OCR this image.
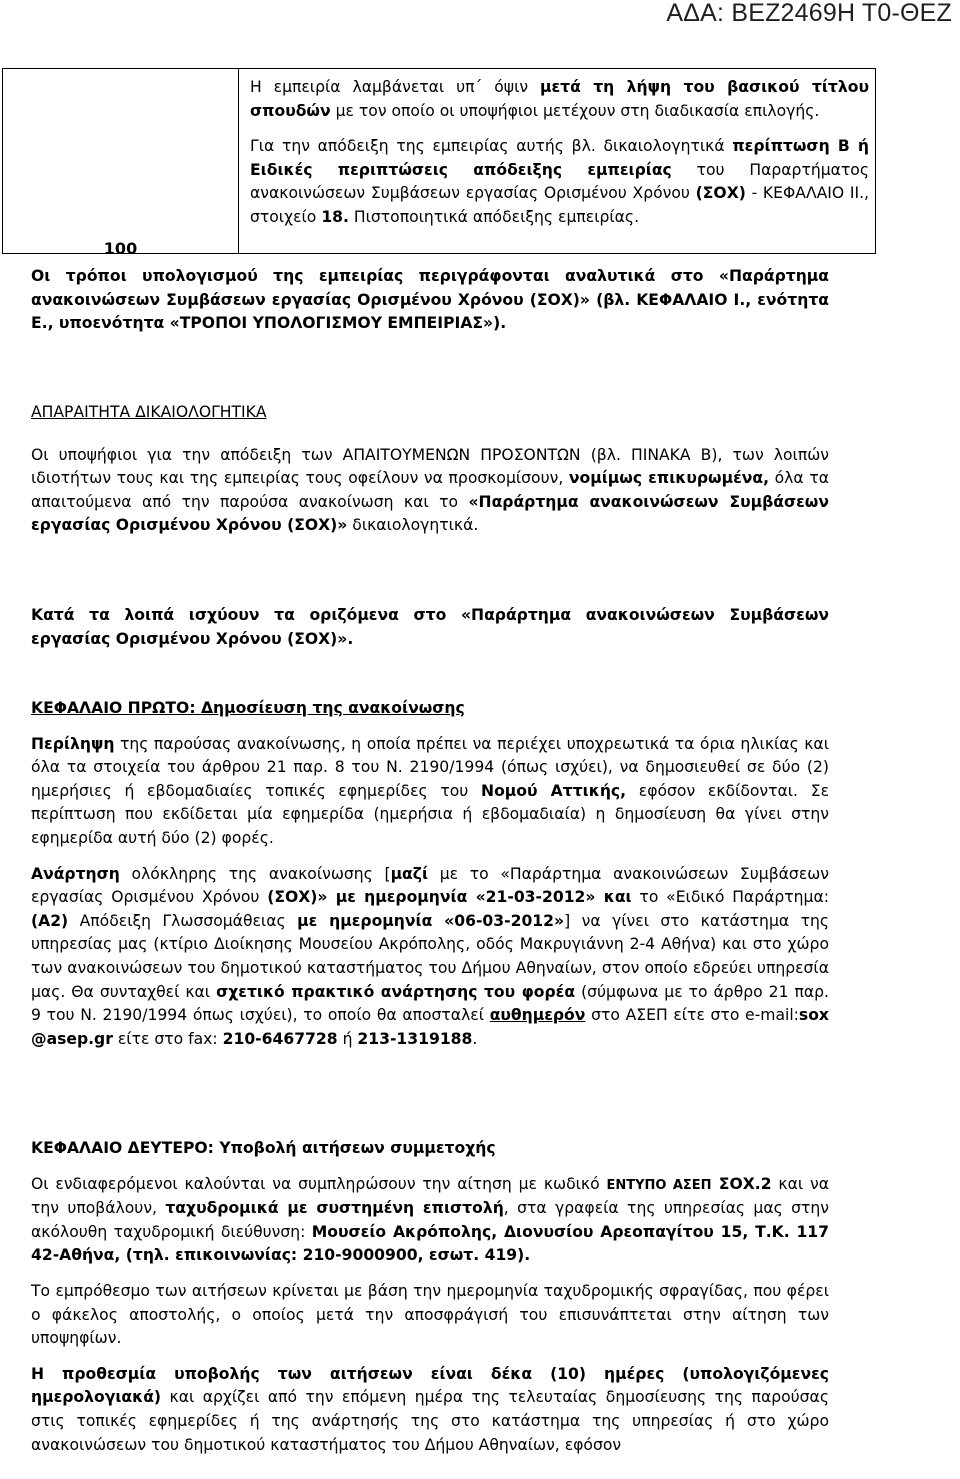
ΑΔΑ: ΒΕΖ2469Η Τ0-ΘΕΖ
100

Η εμπειρία λαμβάνεται υπ΄ όψιν μετά τη λήψη του βασικού τίτλου σπουδών με τον οποίο οι υποψήφιοι μετέχουν στη διαδικασία επιλογής.

Για την απόδειξη της εμπειρίας αυτής βλ. δικαιολογητικά περίπτωση Β ή Ειδικές περιπτώσεις απόδειξης εμπειρίας του Παραρτήματος ανακοινώσεων Συμβάσεων εργασίας Ορισμένου Χρόνου (ΣΟΧ) - ΚΕΦΑΛΑΙΟ ΙΙ., στοιχείο 18. Πιστοποιητικά απόδειξης εμπειρίας.

Οι τρόποι υπολογισμού της εμπειρίας περιγράφονται αναλυτικά στο «Παράρτημα ανακοινώσεων Συμβάσεων εργασίας Ορισμένου Χρόνου (ΣΟΧ)» (βλ. ΚΕΦΑΛΑΙΟ Ι., ενότητα Ε., υποενότητα «ΤΡΟΠΟΙ ΥΠΟΛΟΓΙΣΜΟΥ ΕΜΠΕΙΡΙΑΣ»).

ΑΠΑΡΑΙΤΗΤΑ ΔΙΚΑΙΟΛΟΓΗΤΙΚΑ

Οι υποψήφιοι για την απόδειξη των ΑΠΑΙΤΟΥΜΕΝΩΝ ΠΡΟΣΟΝΤΩΝ (βλ. ΠΙΝΑΚΑ Β), των λοιπών ιδιοτήτων τους και της εμπειρίας τους οφείλουν να προσκομίσουν, νομίμως επικυρωμένα, όλα τα απαιτούμενα από την παρούσα ανακοίνωση και το «Παράρτημα ανακοινώσεων Συμβάσεων εργασίας Ορισμένου Χρόνου (ΣΟΧ)» δικαιολογητικά.

Κατά τα λοιπά ισχύουν τα οριζόμενα στο «Παράρτημα ανακοινώσεων Συμβάσεων εργασίας Ορισμένου Χρόνου (ΣΟΧ)».

ΚΕΦΑΛΑΙΟ ΠΡΩΤΟ: Δημοσίευση της ανακοίνωσης

Περίληψη της παρούσας ανακοίνωσης, η οποία πρέπει να περιέχει υποχρεωτικά τα όρια ηλικίας και όλα τα στοιχεία του άρθρου 21 παρ. 8 του Ν. 2190/1994 (όπως ισχύει), να δημοσιευθεί σε δύο (2) ημερήσιες ή εβδομαδιαίες τοπικές εφημερίδες του Νομού Αττικής, εφόσον εκδίδονται. Σε περίπτωση που εκδίδεται μία εφημερίδα (ημερήσια ή εβδομαδιαία) η δημοσίευση θα γίνει στην εφημερίδα αυτή δύο (2) φορές.

Ανάρτηση ολόκληρης της ανακοίνωσης [μαζί με το «Παράρτημα ανακοινώσεων Συμβάσεων εργασίας Ορισμένου Χρόνου (ΣΟΧ)» με ημερομηνία «21-03-2012» και το «Ειδικό Παράρτημα: (Α2) Απόδειξη Γλωσσομάθειας με ημερομηνία «06-03-2012»] να γίνει στο κατάστημα της υπηρεσίας μας (κτίριο Διοίκησης Μουσείου Ακρόπολης, οδός Μακρυγιάννη 2-4 Αθήνα) και στο χώρο των ανακοινώσεων του δημοτικού καταστήματος του Δήμου Αθηναίων, στον οποίο εδρεύει υπηρεσία μας. Θα συνταχθεί και σχετικό πρακτικό ανάρτησης του φορέα (σύμφωνα με το άρθρο 21 παρ. 9 του Ν. 2190/1994 όπως ισχύει), το οποίο θα αποσταλεί αυθημερόν στο ΑΣΕΠ είτε στο e-mail:sox @asep.gr είτε στο fax: 210-6467728 ή 213-1319188.

ΚΕΦΑΛΑΙΟ ΔΕΥΤΕΡΟ: Υποβολή αιτήσεων συμμετοχής

Οι ενδιαφερόμενοι καλούνται να συμπληρώσουν την αίτηση με κωδικό ΕΝΤΥΠΟ ΑΣΕΠ ΣΟΧ.2 και να την υποβάλουν, ταχυδρομικά με συστημένη επιστολή, στα γραφεία της υπηρεσίας μας στην ακόλουθη ταχυδρομική διεύθυνση: Μουσείο Ακρόπολης, Διονυσίου Αρεοπαγίτου 15, Τ.Κ. 117 42-Αθήνα, (τηλ. επικοινωνίας: 210-9000900, εσωτ. 419).

Το εμπρόθεσμο των αιτήσεων κρίνεται με βάση την ημερομηνία ταχυδρομικής σφραγίδας, που φέρει ο φάκελος αποστολής, ο οποίος μετά την αποσφράγισή του επισυνάπτεται στην αίτηση των υποψηφίων.

Η προθεσμία υποβολής των αιτήσεων είναι δέκα (10) ημέρες (υπολογιζόμενες ημερολογιακά) και αρχίζει από την επόμενη ημέρα της τελευταίας δημοσίευσης της παρούσας στις τοπικές εφημερίδες ή της ανάρτησής της στο κατάστημα της υπηρεσίας ή στο χώρο ανακοινώσεων του δημοτικού καταστήματος του Δήμου Αθηναίων, εφόσον
